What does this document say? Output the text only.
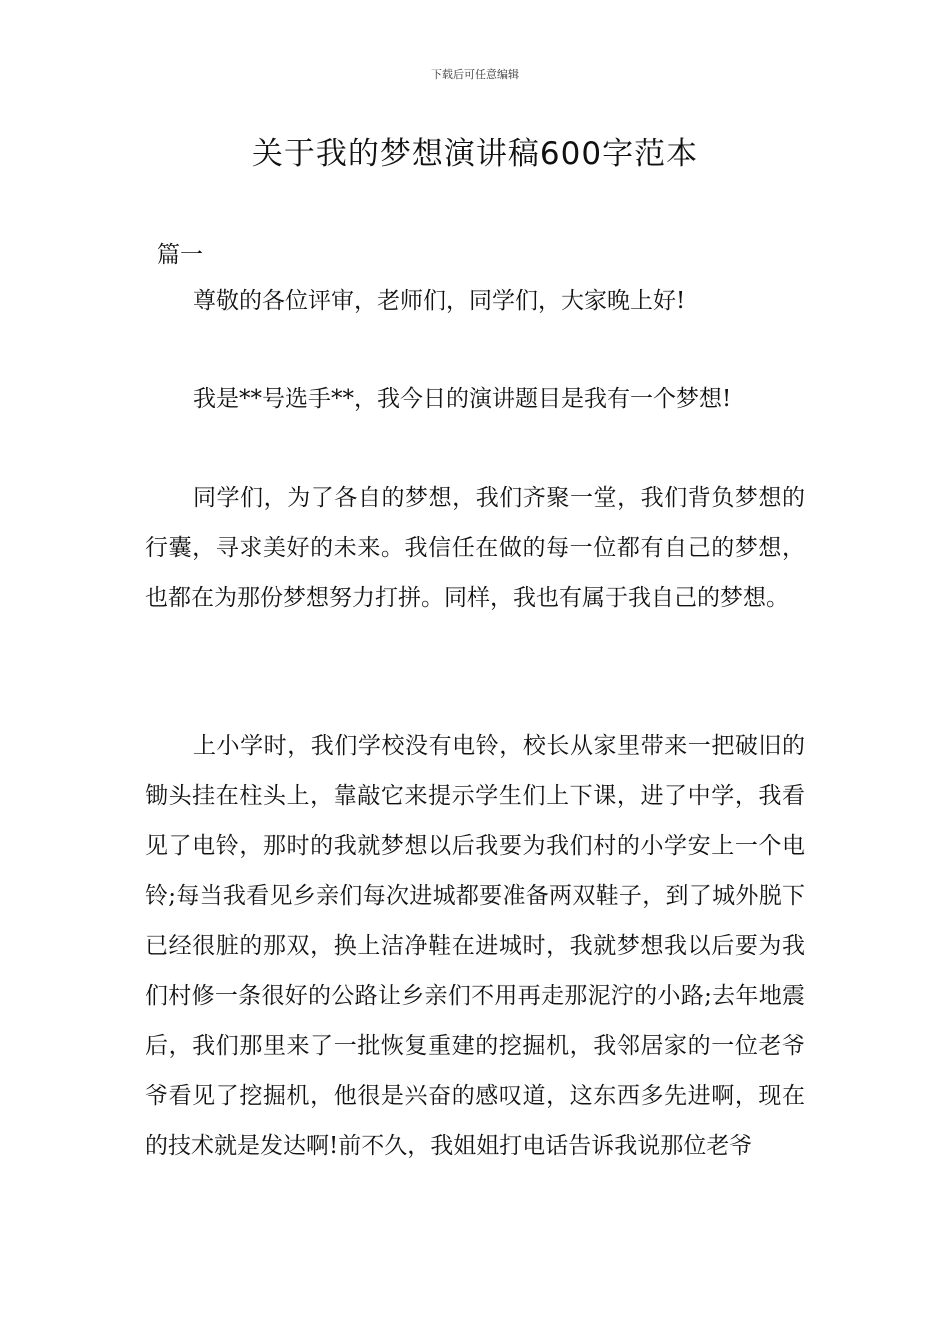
下载后可任意编辑
关于我的梦想演讲稿600字范本
篇一

尊敬的各位评审，老师们，同学们，大家晚上好!

我是**号选手**，我今日的演讲题目是我有一个梦想!

同学们，为了各自的梦想，我们齐聚一堂，我们背负梦想的行囊，寻求美好的未来。我信任在做的每一位都有自己的梦想，也都在为那份梦想努力打拼。同样，我也有属于我自己的梦想。

上小学时，我们学校没有电铃，校长从家里带来一把破旧的锄头挂在柱头上，靠敲它来提示学生们上下课，进了中学，我看见了电铃，那时的我就梦想以后我要为我们村的小学安上一个电铃;每当我看见乡亲们每次进城都要准备两双鞋子，到了城外脱下已经很脏的那双，换上洁净鞋在进城时，我就梦想我以后要为我们村修一条很好的公路让乡亲们不用再走那泥泞的小路;去年地震后，我们那里来了一批恢复重建的挖掘机，我邻居家的一位老爷爷看见了挖掘机，他很是兴奋的感叹道，这东西多先进啊，现在的技术就是发达啊!前不久，我姐姐打电话告诉我说那位老爷
